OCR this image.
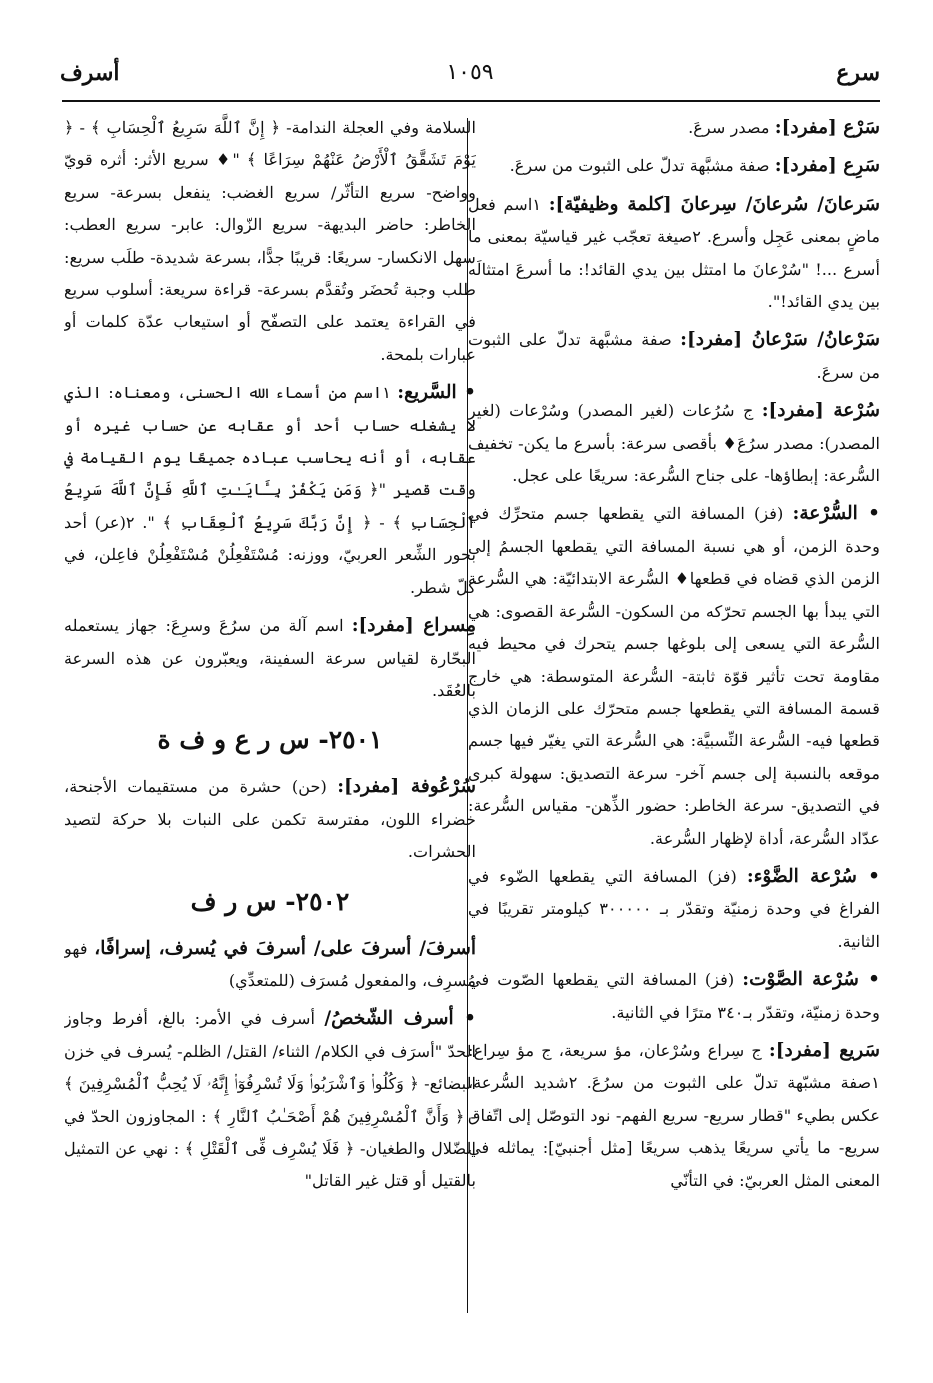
سرع
١٠٥٩
أسرف

سَرْع [مفرد]: مصدر سرعَ.

سَرِع [مفرد]: صفة مشبَّهة تدلّ على الثبوت من سرعَ.

سَرعانَ/ سُرعانَ/ سِرعانَ [كلمة وظيفيّة]: ١اسم فعل ماضٍ بمعنى عَجِل وأسرع. ٢صيغة تعجّب غير قياسيّة بمعنى ما أسرع ...! "سُرْعانَ ما امتثل بين يدي القائد!: ما أسرعَ امتثالَه بين يدي القائد!".

سَرْعانُ/ سَرْعانُ [مفرد]: صفة مشبَّهة تدلّ على الثبوت من سرعَ.

سُرْعة [مفرد]: ج سُرُعات (لغير المصدر) وسُرْعات (لغير المصدر): مصدر سرُعَ♦ بأقصى سرعة: بأسرع ما يكن- تخفيف السُّرعة: إبطاؤها- على جناح السُّرعة: سريعًا على عجل.

• السُّرْعة: (فز) المسافة التي يقطعها جسم متحرِّك في وحدة الزمن، أو هي نسبة المسافة التي يقطعها الجسمُ إلى الزمن الذي قضاه في قطعها♦ السُّرعة الابتدائيّة: هي السُّرعة التي يبدأ بها الجسم تحرّكه من السكون- السُّرعة القصوى: هي السُّرعة التي يسعى إلى بلوغها جسم يتحرك في محيط فيه مقاومة تحت تأثير قوّة ثابتة- السُّرعة المتوسطة: هي خارج قسمة المسافة التي يقطعها جسم متحرّك على الزمان الذي قطعها فيه- السُّرعة النِّسبيَّة: هي السُّرعة التي يغيّر فيها جسم موقعه بالنسبة إلى جسم آخر- سرعة التصديق: سهولة كبرى في التصديق- سرعة الخاطر: حضور الذِّهن- مقياس السُّرعة: عدّاد السُّرعة، أداة لإظهار السُّرعة.

• سُرْعة الضَّوْء: (فز) المسافة التي يقطعها الضّوء في الفراغ في وحدة زمنيّة وتقدّر بـ ٣٠٠٠٠٠ كيلومتر تقريبًا في الثانية.

• سُرْعة الصَّوْت: (فز) المسافة التي يقطعها الصّوت في وحدة زمنيّة، وتقدّر بـ٣٤٠ مترًا في الثانية.

سَريع [مفرد]: ج سِراع وسُرْعان، مؤ سريعة، ج مؤ سِراع: ١صفة مشبّهة تدلّ على الثبوت من سرُعَ. ٢شديد السُّرعة، عكس بطيء "قطار سريع- سريع الفهم- نود التوصّل إلى اتّفاق سريع- ما يأتي سريعًا يذهب سريعًا [مثل أجنبيّ]: يماثله في المعنى المثل العربيّ: في التأنّي

السلامة وفي العجلة الندامة- ﴿ إِنَّ ٱللَّهَ سَرِيعُ ٱلْحِسَابِ ﴾ - ﴿ يَوْمَ تَشَقَّقُ ٱلْأَرْضُ عَنْهُمْ سِرَاعًا ﴾ "♦ سريع الأثر: أثره قويّ وواضح- سريع التأثّر/ سريع الغضب: ينفعل بسرعة- سريع الخاطر: حاضر البديهة- سريع الزّوال: عابر- سريع العطب: سهل الانكسار- سريعًا: قريبًا جدًّا، بسرعة شديدة- طلَب سريع: طلب وجبة تُحضَر وتُقدَّم بسرعة- قراءة سريعة: أسلوب سريع في القراءة يعتمد على التصفّح أو استيعاب عدّة كلمات أو عبارات بلمحة.

• السَّريع: ١اسم من أسماء الله الحسنى، ومعناه: الذي لا يشغله حساب أحد أو عقابه عن حساب غيره أو عقابه، أو أنه يحاسب عباده جميعًا يوم القيامة في وقت قصير "﴿ وَمَن يَكْفُرْ بِـَٔايَـٰتِ ٱللَّهِ فَإِنَّ ٱللَّهَ سَرِيعُ ٱلْحِسَابِ ﴾ - ﴿ إِنَّ رَبَّكَ سَرِيعُ ٱلْعِقَابِ ﴾ ". ٢(عر) أحد بحور الشِّعر العربيّ، ووزنه: مُسْتَفْعِلُنْ مُسْتَفْعِلُنْ فاعِلن، في كلّ شطر.

مِسراع [مفرد]: اسم آلة من سرُعَ وسرِعَ: جهاز يستعمله البحّارة لقياس سرعة السفينة، ويعبّرون عن هذه السرعة بالعُقَد.

٢٥٠١- س ر ع و ف ة

سُرْعُوفة [مفرد]: (حن) حشرة من مستقيمات الأجنحة، خضراء اللون، مفترسة تكمن على النبات بلا حركة لتصيد الحشرات.

٢٥٠٢- س ر ف

أسرفَ/ أسرفَ على/ أسرفَ في يُسرف، إسرافًا، فهو مُسرِف، والمفعول مُسرَف (للمتعدِّي)

• أسرف الشّخصُ/ أسرف في الأمر: بالغ، أفرط وجاوز الحدّ "أسرَف في الكلام/ الثناء/ القتل/ الظلم- يُسرف في خزن البضائع- ﴿ وَكُلُوا۟ وَٱشْرَبُوا۟ وَلَا تُسْرِفُوٓا۟ إِنَّهُۥ لَا يُحِبُّ ٱلْمُسْرِفِينَ ﴾ - ﴿ وَأَنَّ ٱلْمُسْرِفِينَ هُمْ أَصْحَـٰبُ ٱلنَّارِ ﴾ : المجاوزون الحدّ في الضّلال والطغيان- ﴿ فَلَا يُسْرِف فِّى ٱلْقَتْلِ ﴾ : نهي عن التمثيل بالقتيل أو قتل غير القاتل"
